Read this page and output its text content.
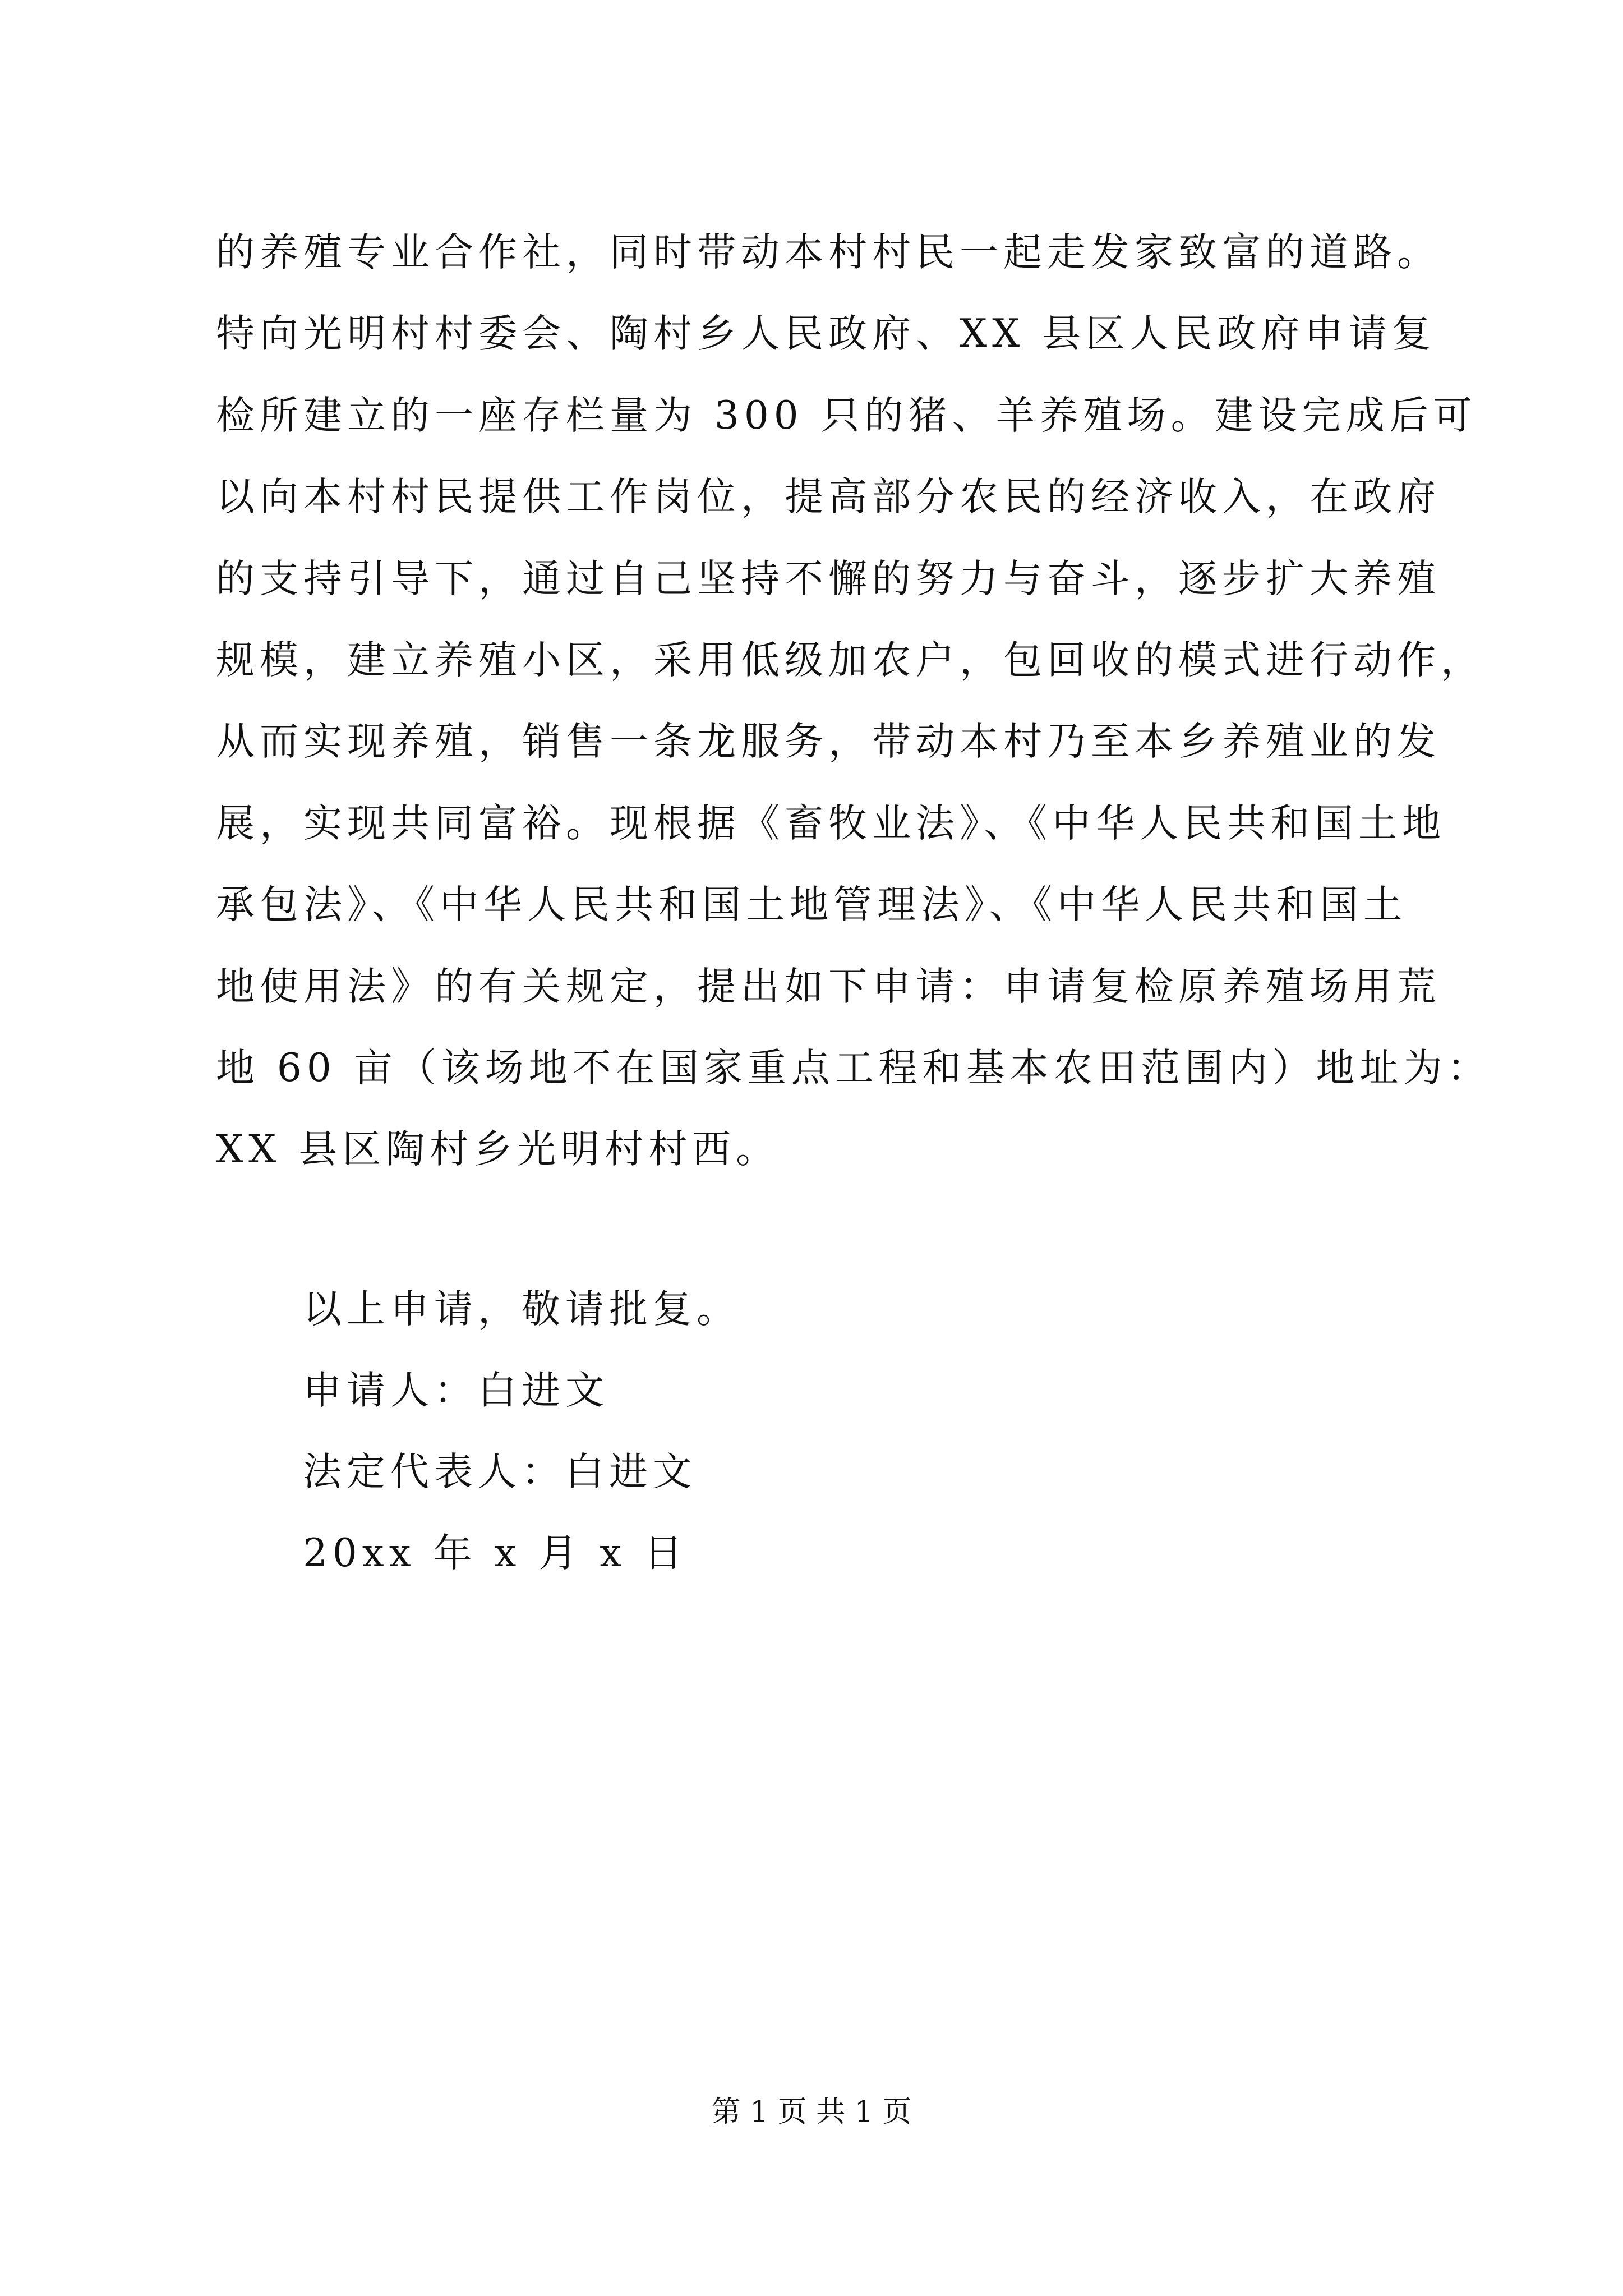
的养殖专业合作社，同时带动本村村民一起走发家致富的道路。
特向光明村村委会、陶村乡人民政府、XX 县区人民政府申请复
检所建立的一座存栏量为 300 只的猪、羊养殖场。建设完成后可
以向本村村民提供工作岗位，提高部分农民的经济收入，在政府
的支持引导下，通过自己坚持不懈的努力与奋斗，逐步扩大养殖
规模，建立养殖小区，采用低级加农户，包回收的模式进行动作，
从而实现养殖，销售一条龙服务，带动本村乃至本乡养殖业的发
展，实现共同富裕。现根据《畜牧业法》、《中华人民共和国土地
承包法》、《中华人民共和国土地管理法》、《中华人民共和国土
地使用法》的有关规定，提出如下申请：申请复检原养殖场用荒
地 60 亩（该场地不在国家重点工程和基本农田范围内）地址为：
XX 县区陶村乡光明村村西。
以上申请，敬请批复。
申请人：白进文
法定代表人：白进文
20xx 年 x 月 x 日
第 1 页 共 1 页
